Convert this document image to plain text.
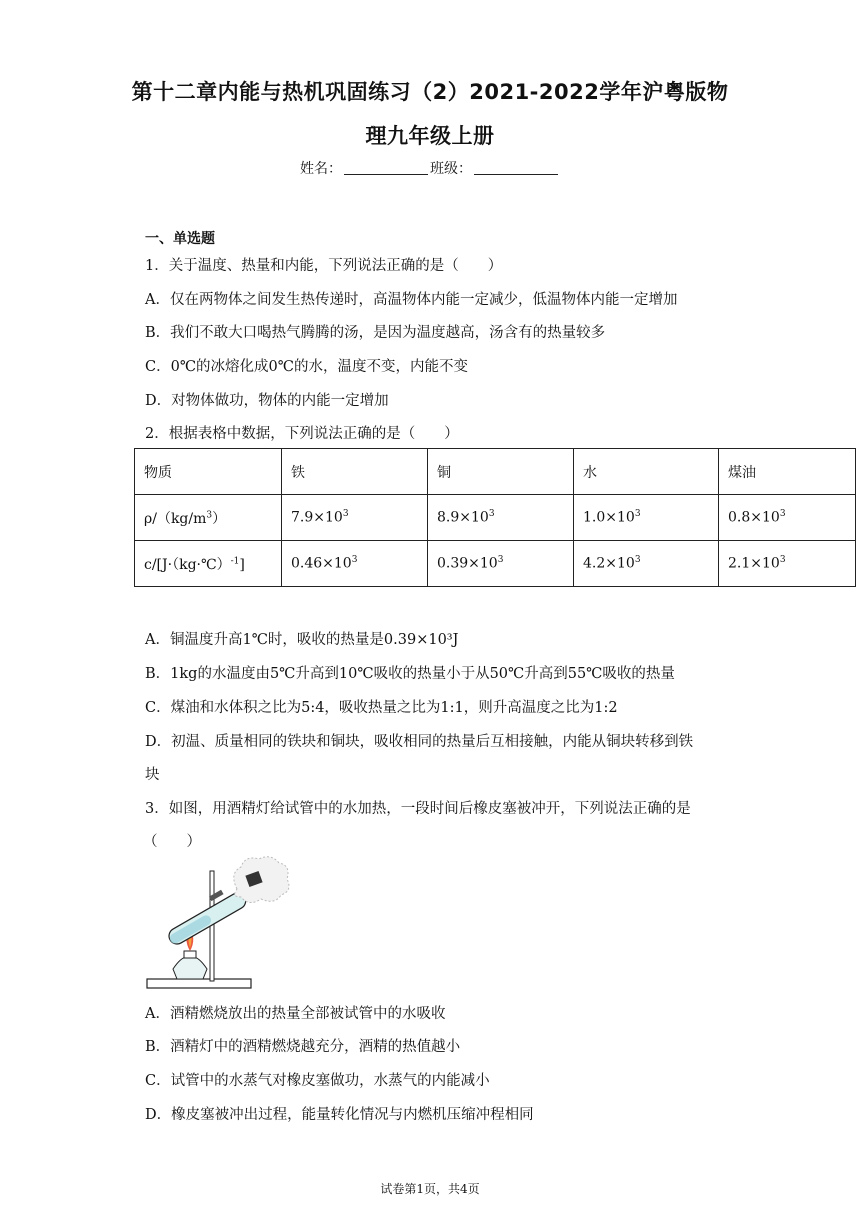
第十二章内能与热机巩固练习（2）2021-2022学年沪粤版物
理九年级上册
姓名：	班级：
一、单选题
1．关于温度、热量和内能，下列说法正确的是（　　）
A．仅在两物体之间发生热传递时，高温物体内能一定减少，低温物体内能一定增加
B．我们不敢大口喝热气腾腾的汤，是因为温度越高，汤含有的热量较多
C．0℃的冰熔化成0℃的水，温度不变，内能不变
D．对物体做功，物体的内能一定增加
2．根据表格中数据，下列说法正确的是（　　）
物质	铁	铜	水	煤油
$\rho/(kg/m^3)$	$7.9\times 10^3$	$8.9\times 10^3$	$1.0\times 10^3$	$0.8\times 10^3$
c/[J·（kg·℃）$^{-1}$]	$0.46\times 10^3$	$0.39\times 10^3$	$4.2\times 10^3$	$2.1\times 10^3$
A．铜温度升高1℃时，吸收的热量是0.39×10³J
B．1kg的水温度由5℃升高到10℃吸收的热量小于从50℃升高到55℃吸收的热量
C．煤油和水体积之比为5:4，吸收热量之比为1:1，则升高温度之比为1:2
D．初温、质量相同的铁块和铜块，吸收相同的热量后互相接触，内能从铜块转移到铁
块
3．如图，用酒精灯给试管中的水加热，一段时间后橡皮塞被冲开，下列说法正确的是
（　　）
A．酒精燃烧放出的热量全部被试管中的水吸收
B．酒精灯中的酒精燃烧越充分，酒精的热值越小
C．试管中的水蒸气对橡皮塞做功，水蒸气的内能减小
D．橡皮塞被冲出过程，能量转化情况与内燃机压缩冲程相同
试卷第1页，共4页
